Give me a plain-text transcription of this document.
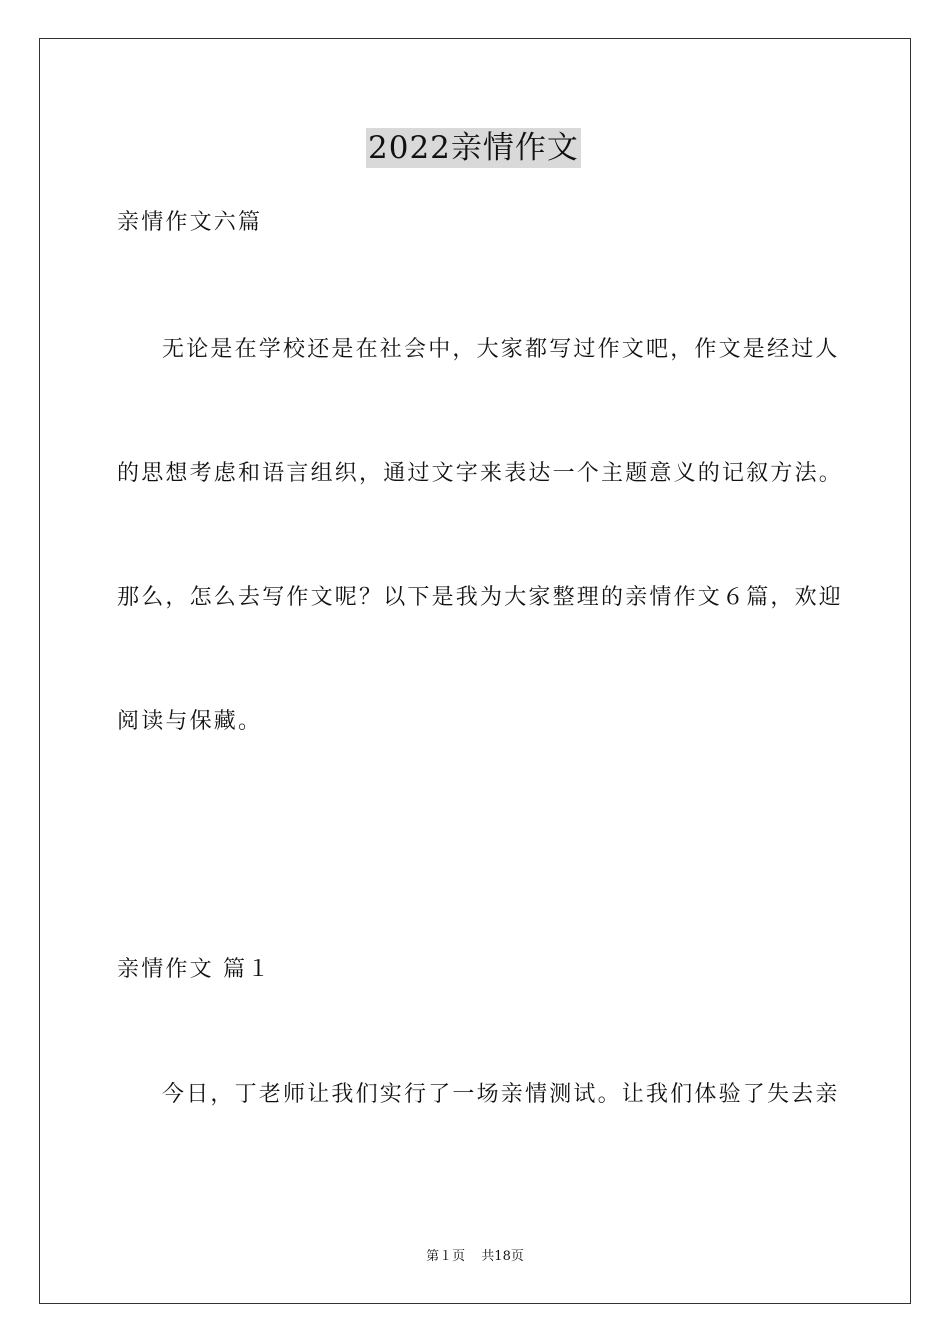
2022亲情作文
亲情作文六篇
无论是在学校还是在社会中，大家都写过作文吧，作文是经过人
的思想考虑和语言组织，通过文字来表达一个主题意义的记叙方法。
那么，怎么去写作文呢？以下是我为大家整理的亲情作文６篇，欢迎
阅读与保藏。
亲情作文 篇１
今日，丁老师让我们实行了一场亲情测试。让我们体验了失去亲
第１页 共18页
